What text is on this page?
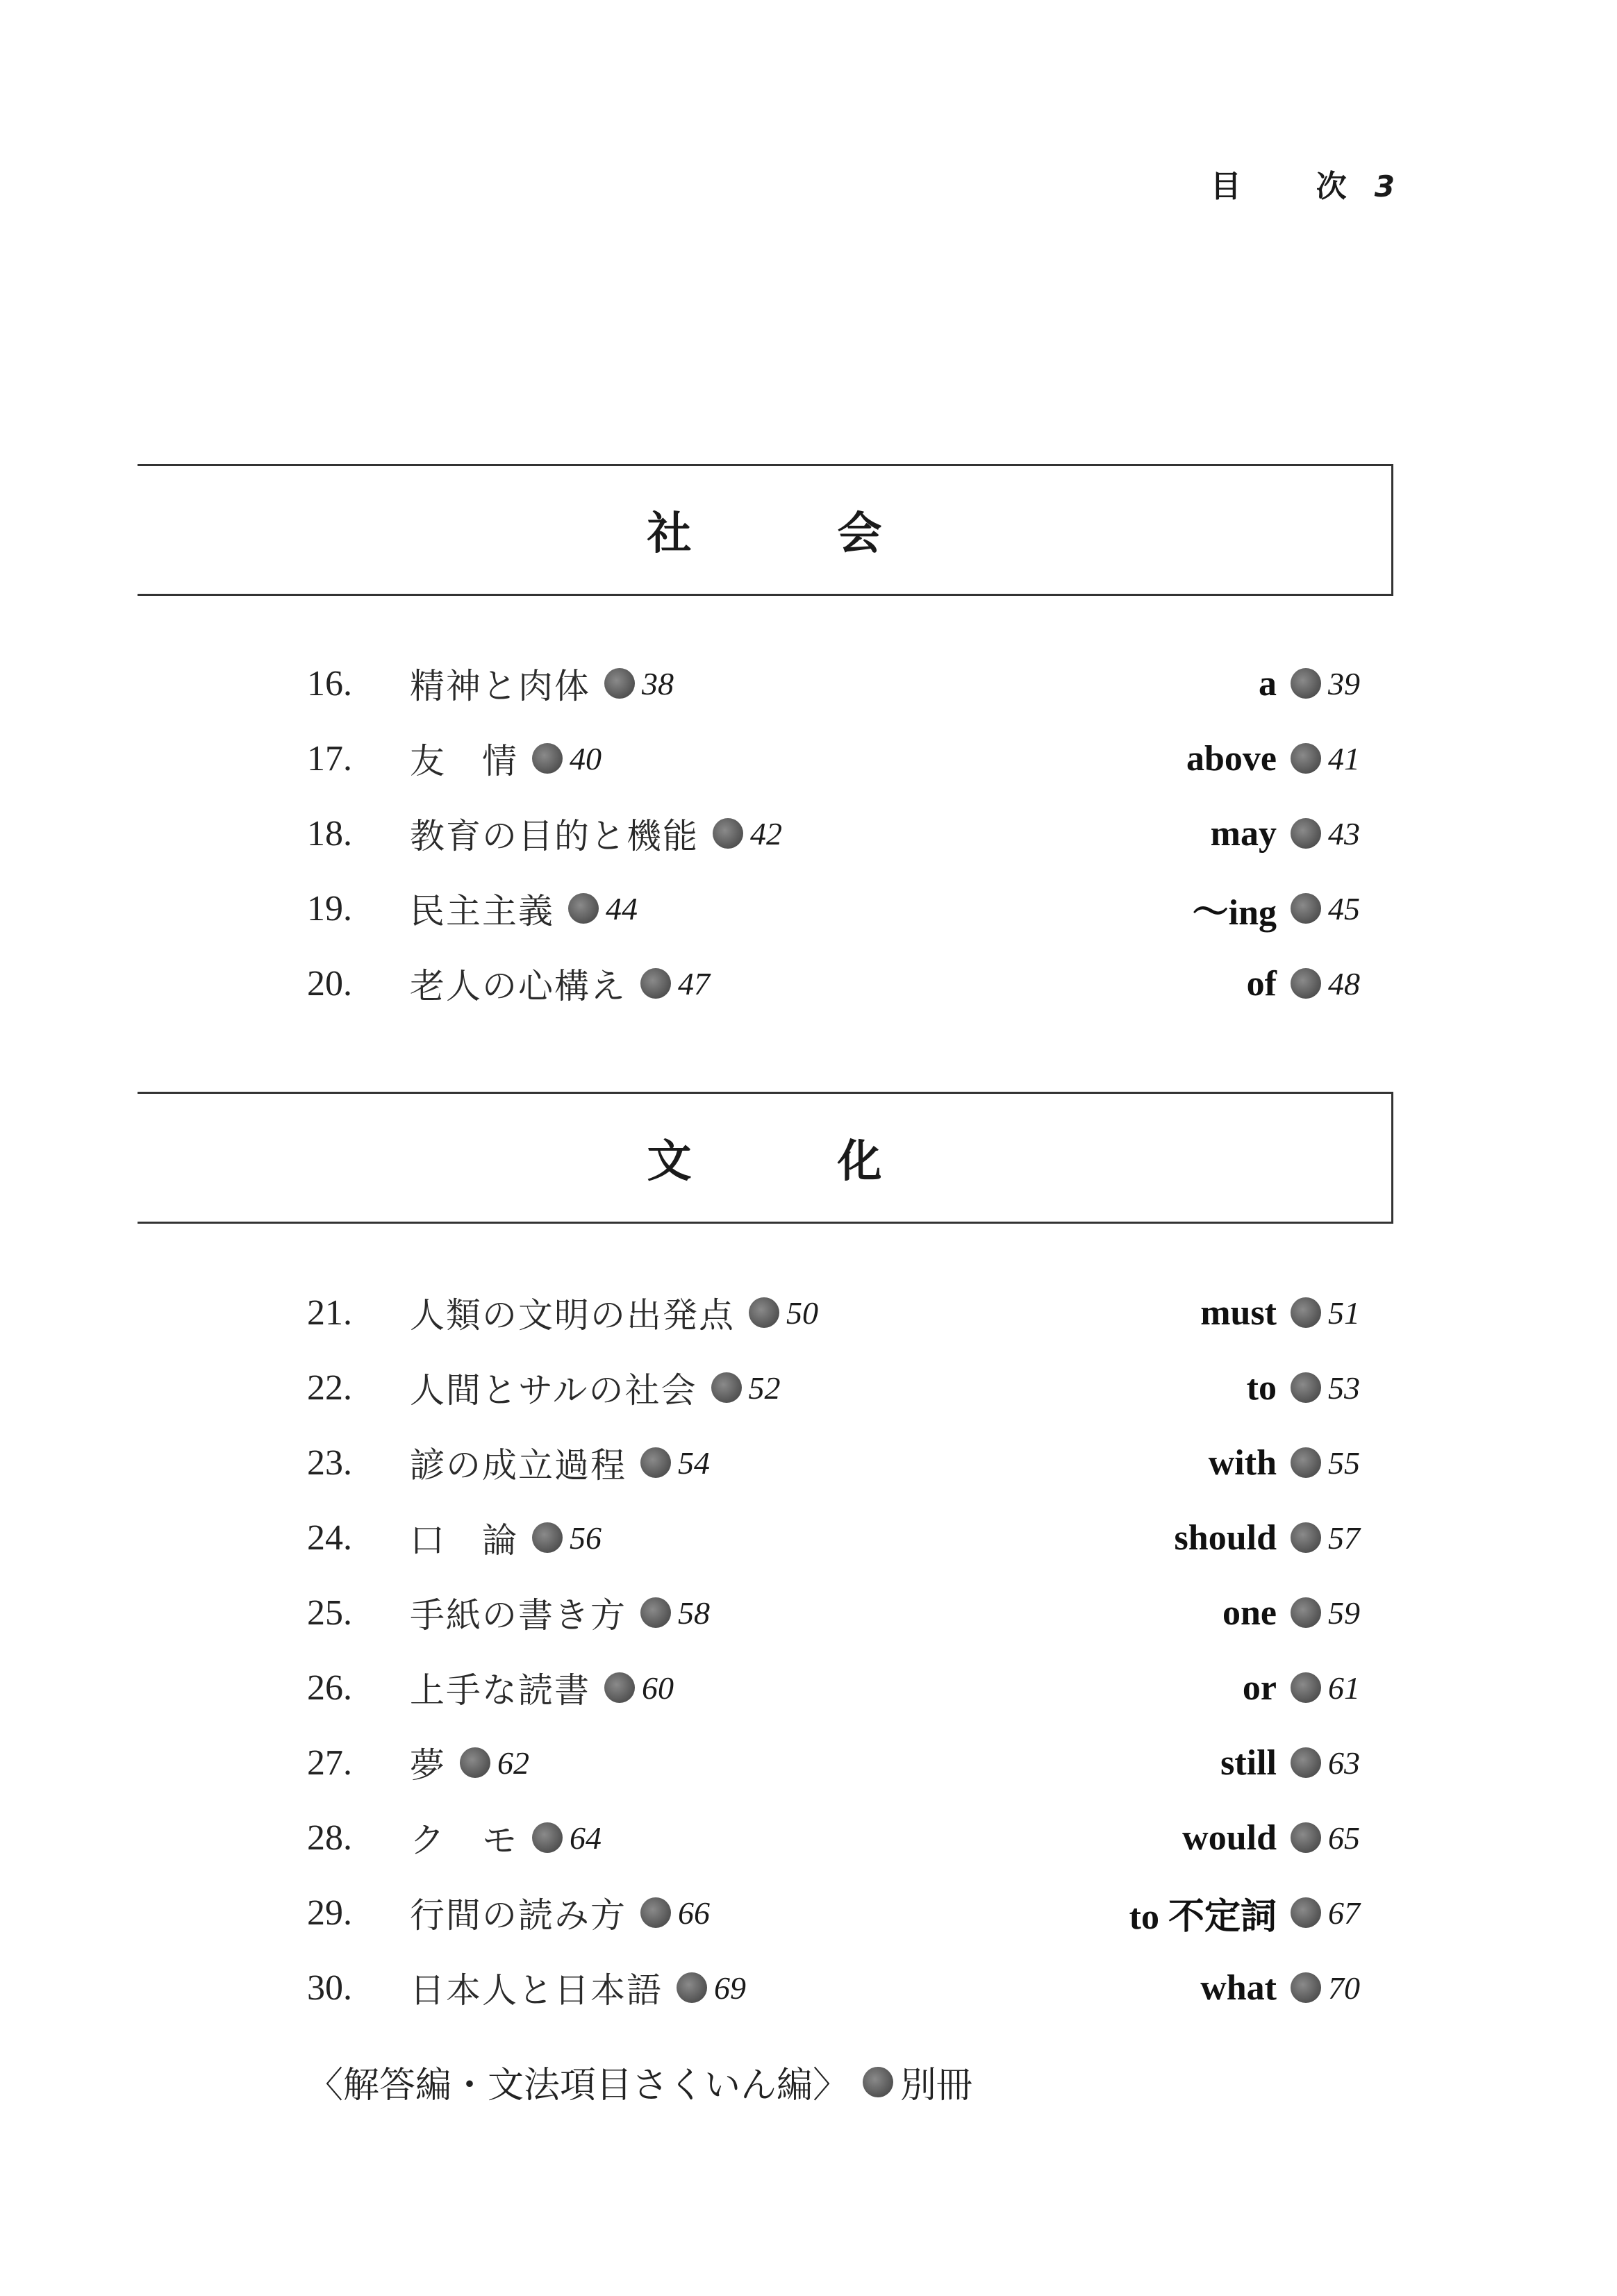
目 次 3
社会
16.	精神と肉体 38	a 39
17.	友　情 40	above 41
18.	教育の目的と機能 42	may 43
19.	民主主義 44	～ing 45
20.	老人の心構え 47	of 48
文化
21.	人類の文明の出発点 50	must 51
22.	人間とサルの社会 52	to 53
23.	諺の成立過程 54	with 55
24.	口　論 56	should 57
25.	手紙の書き方 58	one 59
26.	上手な読書 60	or 61
27.	夢 62	still 63
28.	ク　モ 64	would 65
29.	行間の読み方 66	to 不定詞 67
30.	日本人と日本語 69	what 70
〈解答編・文法項目さくいん編〉 別冊
